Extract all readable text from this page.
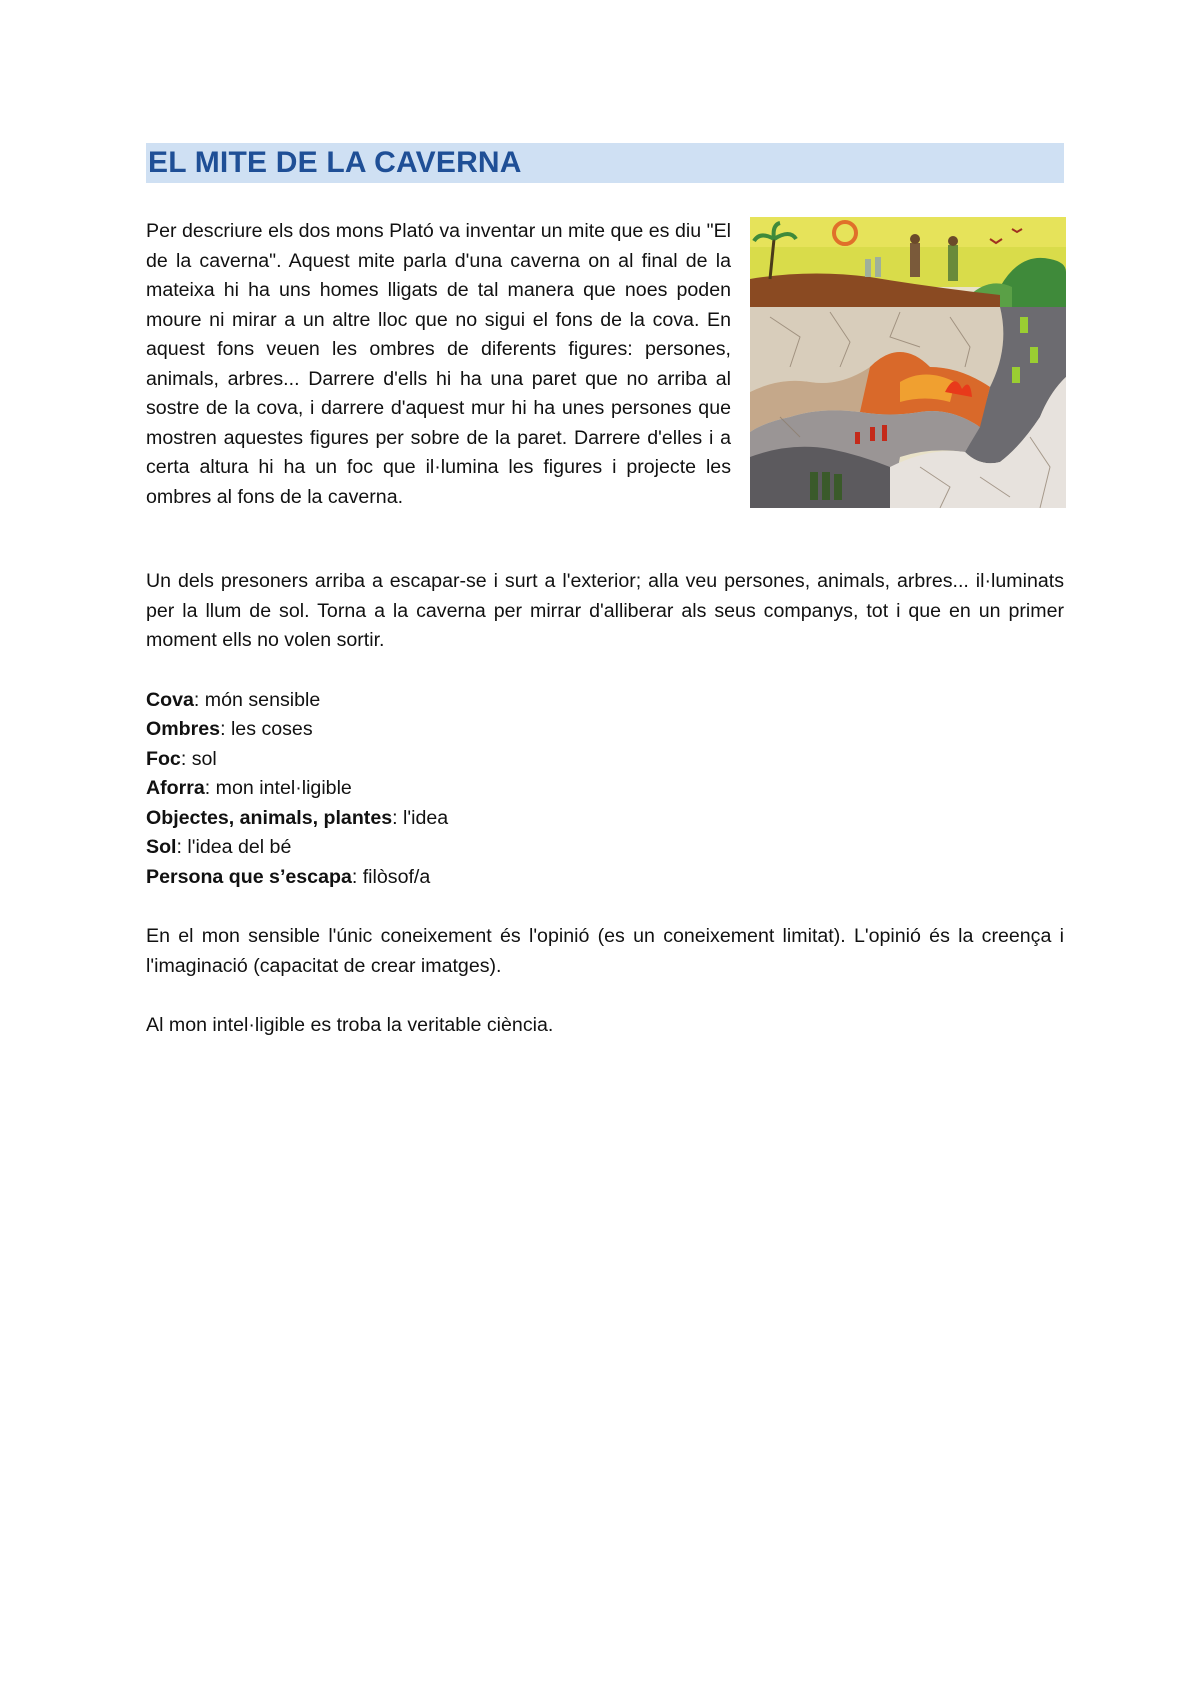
EL MITE DE LA CAVERNA

Per descriure els dos mons Plató va inventar un mite que es diu "El de la caverna". Aquest mite parla d'una caverna on al final de la mateixa hi ha uns homes lligats de tal manera que noes poden moure ni mirar a un altre lloc que no sigui el fons de la cova. En aquest fons veuen les ombres de diferents figures: persones, animals, arbres... Darrere d'ells hi ha una paret que no arriba al sostre de la cova, i darrere d'aquest mur hi ha unes persones que mostren aquestes figures per sobre de la paret. Darrere d'elles i a certa altura hi ha un foc que il·lumina les figures i projecte les ombres al fons de la caverna.

Un dels presoners arriba a escapar-se i surt a l'exterior; alla veu persones, animals, arbres... il·luminats per la llum de sol. Torna a la caverna per mirrar d'alliberar als seus companys, tot i que en un primer moment ells no volen sortir.

Cova: món sensible

Ombres: les coses

Foc: sol

Aforra: mon intel·ligible

Objectes, animals, plantes: l'idea

Sol: l'idea del bé

Persona que s’escapa: filòsof/a

En el mon sensible l'únic coneixement és l'opinió (es un coneixement limitat). L'opinió és la creença i l'imaginació (capacitat de crear imatges).

Al mon intel·ligible es troba la veritable ciència.
